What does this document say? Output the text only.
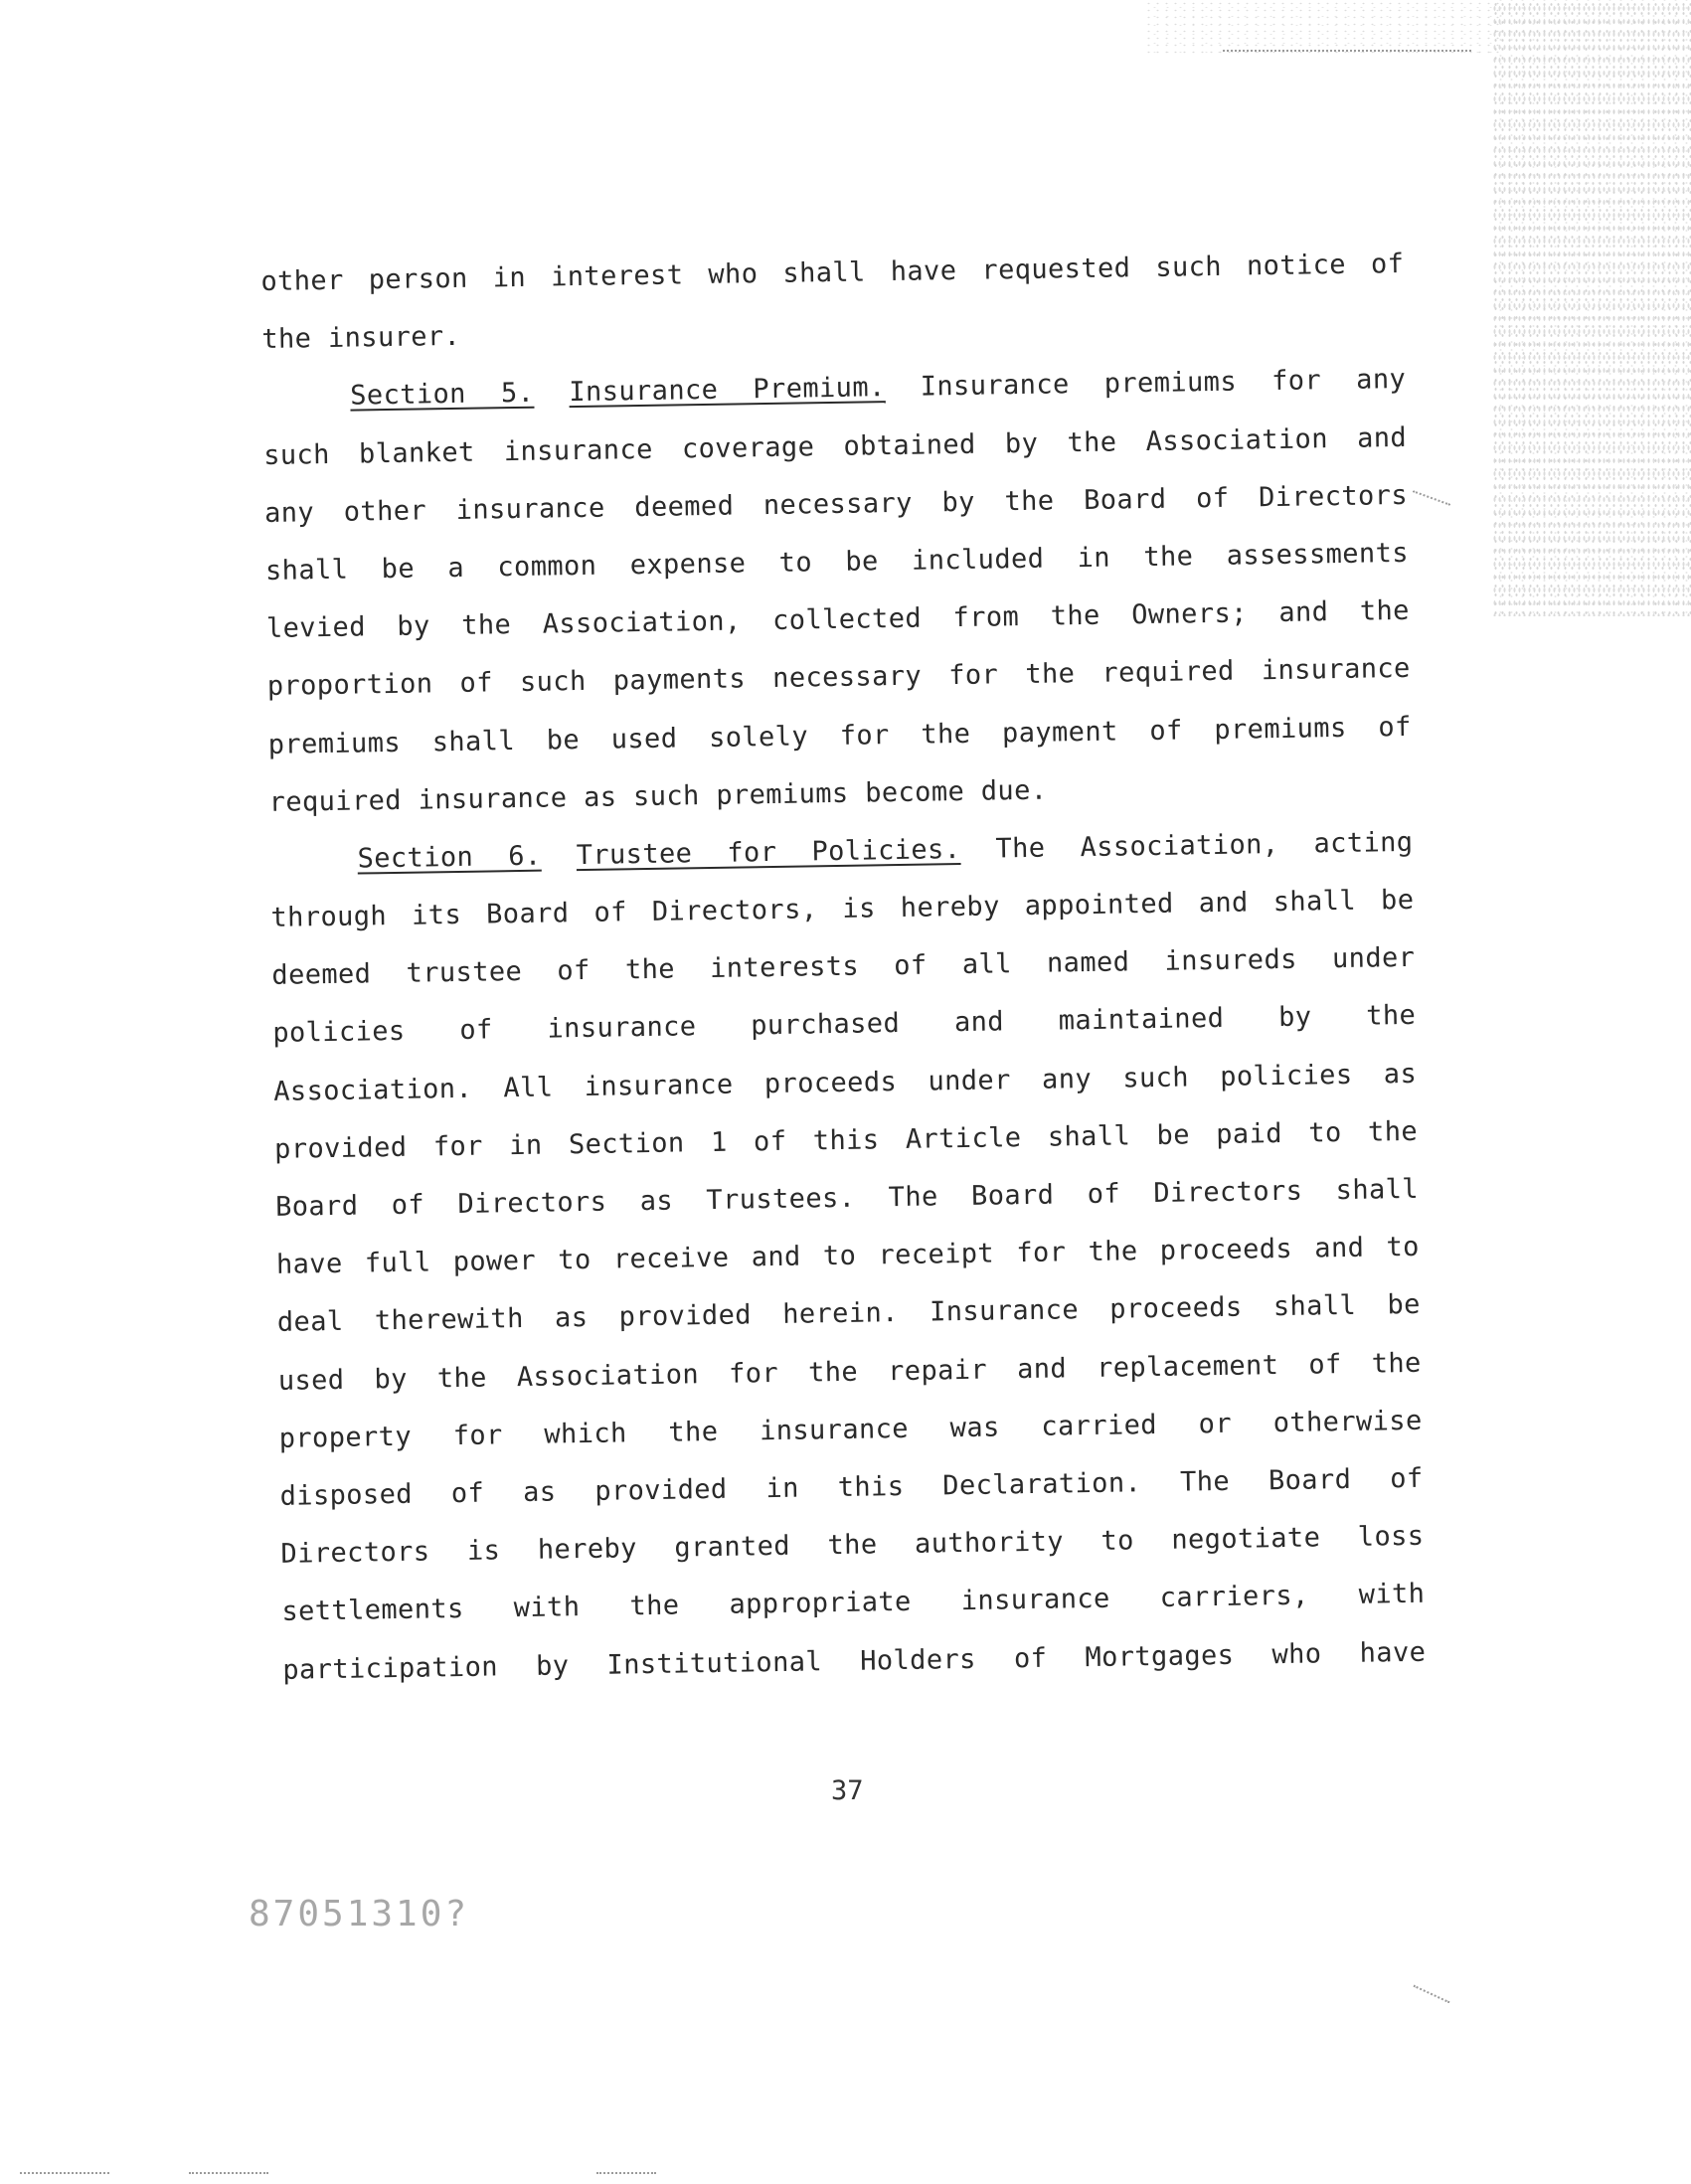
other person in interest who shall have requested such notice of
the insurer.
Section 5. Insurance Premium. Insurance premiums for any
such blanket insurance coverage obtained by the Association and
any other insurance deemed necessary by the Board of Directors
shall be a common expense to be included in the assessments
levied by the Association, collected from the Owners; and the
proportion of such payments necessary for the required insurance
premiums shall be used solely for the payment of premiums of
required insurance as such premiums become due.
Section 6. Trustee for Policies. The Association, acting
through its Board of Directors, is hereby appointed and shall be
deemed trustee of the interests of all named insureds under
policies of insurance purchased and maintained by the
Association. All insurance proceeds under any such policies as
provided for in Section 1 of this Article shall be paid to the
Board of Directors as Trustees. The Board of Directors shall
have full power to receive and to receipt for the proceeds and to
deal therewith as provided herein. Insurance proceeds shall be
used by the Association for the repair and replacement of the
property for which the insurance was carried or otherwise
disposed of as provided in this Declaration. The Board of
Directors is hereby granted the authority to negotiate loss
settlements with the appropriate insurance carriers, with
participation by Institutional Holders of Mortgages who have
37
87051310?
